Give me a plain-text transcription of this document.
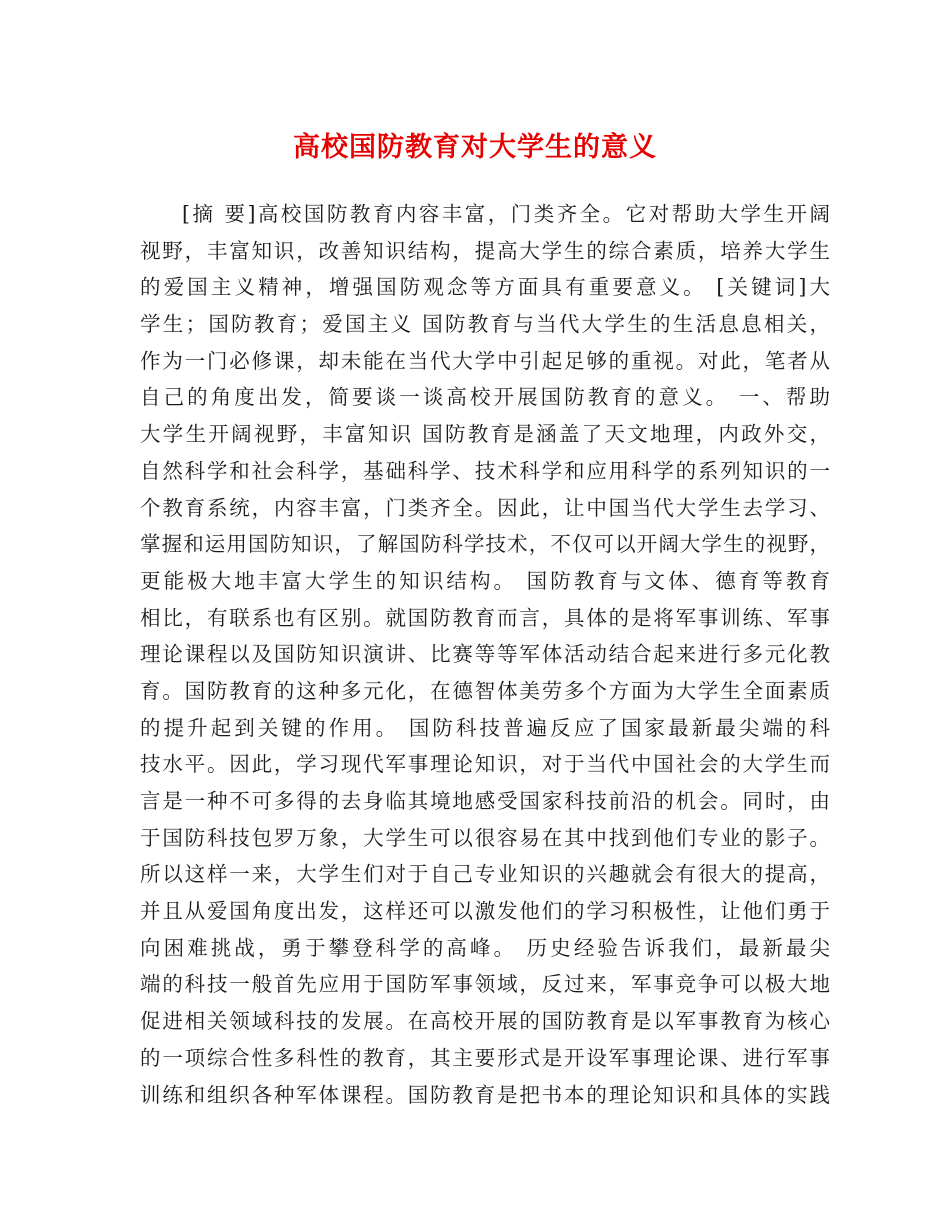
高校国防教育对大学生的意义
[摘 要]高校国防教育内容丰富，门类齐全。它对帮助大学生开阔
视野，丰富知识，改善知识结构，提高大学生的综合素质，培养大学生
的爱国主义精神，增强国防观念等方面具有重要意义。 [关键词]大
学生；国防教育；爱国主义 国防教育与当代大学生的生活息息相关，
作为一门必修课，却未能在当代大学中引起足够的重视。对此，笔者从
自己的角度出发，简要谈一谈高校开展国防教育的意义。 一、帮助
大学生开阔视野，丰富知识 国防教育是涵盖了天文地理，内政外交，
自然科学和社会科学，基础科学、技术科学和应用科学的系列知识的一
个教育系统，内容丰富，门类齐全。因此，让中国当代大学生去学习、
掌握和运用国防知识，了解国防科学技术，不仅可以开阔大学生的视野，
更能极大地丰富大学生的知识结构。 国防教育与文体、德育等教育
相比，有联系也有区别。就国防教育而言，具体的是将军事训练、军事
理论课程以及国防知识演讲、比赛等等军体活动结合起来进行多元化教
育。国防教育的这种多元化，在德智体美劳多个方面为大学生全面素质
的提升起到关键的作用。 国防科技普遍反应了国家最新最尖端的科
技水平。因此，学习现代军事理论知识，对于当代中国社会的大学生而
言是一种不可多得的去身临其境地感受国家科技前沿的机会。同时，由
于国防科技包罗万象，大学生可以很容易在其中找到他们专业的影子。
所以这样一来，大学生们对于自己专业知识的兴趣就会有很大的提高，
并且从爱国角度出发，这样还可以激发他们的学习积极性，让他们勇于
向困难挑战，勇于攀登科学的高峰。 历史经验告诉我们，最新最尖
端的科技一般首先应用于国防军事领域，反过来，军事竞争可以极大地
促进相关领域科技的发展。在高校开展的国防教育是以军事教育为核心
的一项综合性多科性的教育，其主要形式是开设军事理论课、进行军事
训练和组织各种军体课程。国防教育是把书本的理论知识和具体的实践
